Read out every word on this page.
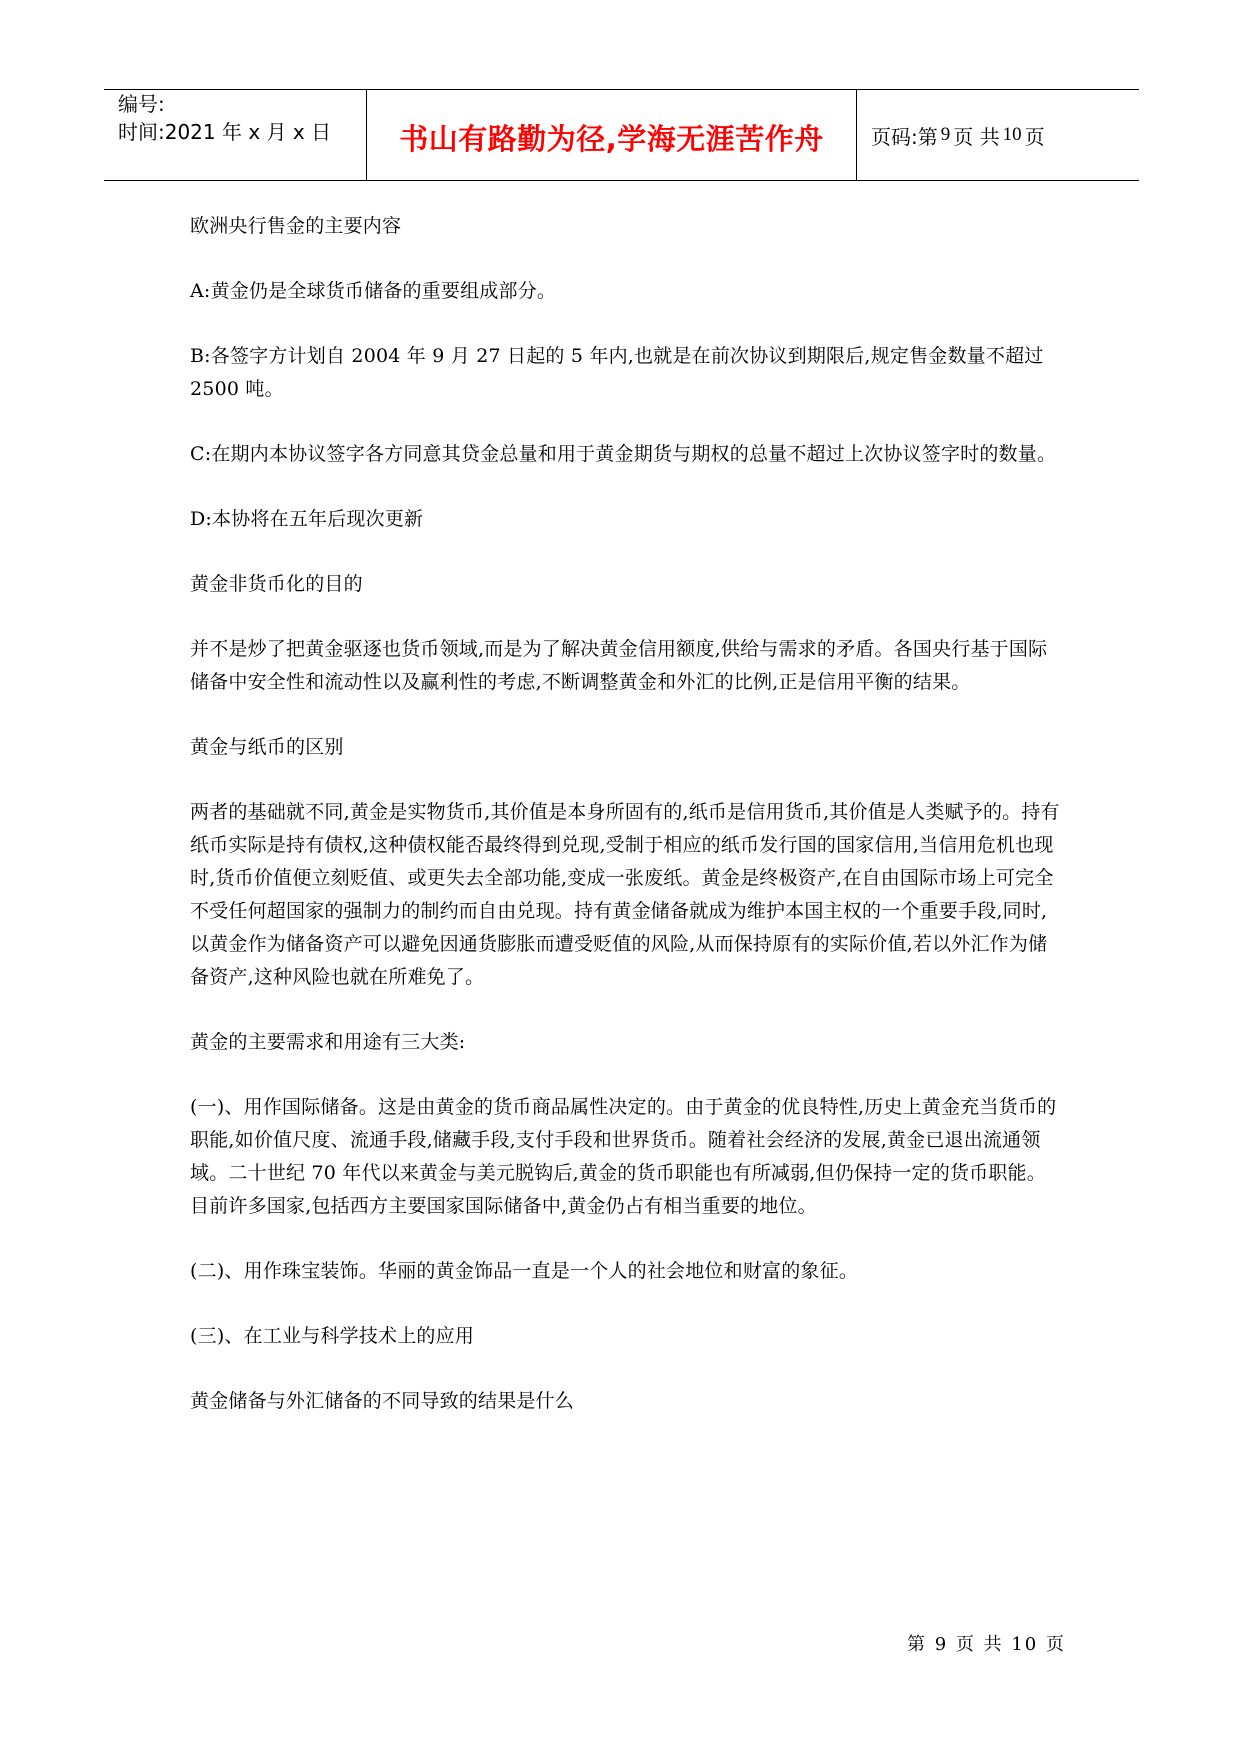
编号:
时间:2021 年 x 月 x 日	书山有路勤为径,学海无涯苦作舟 页码:第 9 页 共 10 页

欧洲央行售金的主要内容

A:黄金仍是全球货币储备的重要组成部分。

B:各签字方计划自 2004 年 9 月 27 日起的 5 年内,也就是在前次协议到期限后,规定售金数量不超过 2500 吨。

C:在期内本协议签字各方同意其贷金总量和用于黄金期货与期权的总量不超过上次协议签字时的数量。

D:本协将在五年后现次更新

黄金非货币化的目的

并不是炒了把黄金驱逐也货币领域,而是为了解决黄金信用额度,供给与需求的矛盾。各国央行基于国际储备中安全性和流动性以及赢利性的考虑,不断调整黄金和外汇的比例,正是信用平衡的结果。

黄金与纸币的区别

两者的基础就不同,黄金是实物货币,其价值是本身所固有的,纸币是信用货币,其价值是人类赋予的。持有纸币实际是持有债权,这种债权能否最终得到兑现,受制于相应的纸币发行国的国家信用,当信用危机也现时,货币价值便立刻贬值、或更失去全部功能,变成一张废纸。黄金是终极资产,在自由国际市场上可完全不受任何超国家的强制力的制约而自由兑现。持有黄金储备就成为维护本国主权的一个重要手段,同时,以黄金作为储备资产可以避免因通货膨胀而遭受贬值的风险,从而保持原有的实际价值,若以外汇作为储备资产,这种风险也就在所难免了。

黄金的主要需求和用途有三大类:

(一)、用作国际储备。这是由黄金的货币商品属性决定的。由于黄金的优良特性,历史上黄金充当货币的职能,如价值尺度、流通手段,储藏手段,支付手段和世界货币。随着社会经济的发展,黄金已退出流通领域。二十世纪 70 年代以来黄金与美元脱钩后,黄金的货币职能也有所减弱,但仍保持一定的货币职能。目前许多国家,包括西方主要国家国际储备中,黄金仍占有相当重要的地位。

(二)、用作珠宝装饰。华丽的黄金饰品一直是一个人的社会地位和财富的象征。

(三)、在工业与科学技术上的应用

黄金储备与外汇储备的不同导致的结果是什么

第 9 页 共 10 页
